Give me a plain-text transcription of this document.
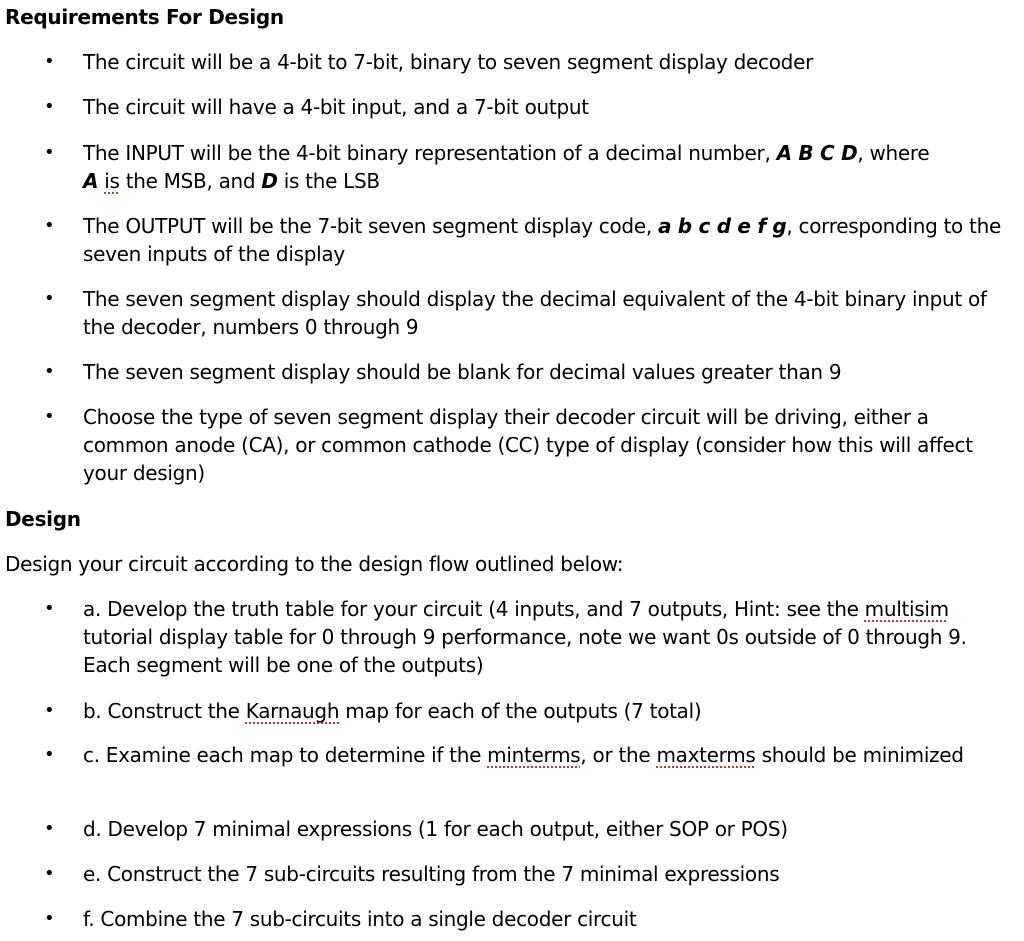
Requirements For Design
• The circuit will be a 4-bit to 7-bit, binary to seven segment display decoder
• The circuit will have a 4-bit input, and a 7-bit output
• The INPUT will be the 4-bit binary representation of a decimal number, A B C D, where
A is the MSB, and D is the LSB
• The OUTPUT will be the 7-bit seven segment display code, a b c d e f g, corresponding to the seven inputs of the display
• The seven segment display should display the decimal equivalent of the 4-bit binary input of the decoder, numbers 0 through 9
• The seven segment display should be blank for decimal values greater than 9
• Choose the type of seven segment display their decoder circuit will be driving, either a common anode (CA), or common cathode (CC) type of display (consider how this will affect your design)
Design
Design your circuit according to the design flow outlined below:
• a. Develop the truth table for your circuit (4 inputs, and 7 outputs, Hint: see the multisim tutorial display table for 0 through 9 performance, note we want 0s outside of 0 through 9. Each segment will be one of the outputs)
• b. Construct the Karnaugh map for each of the outputs (7 total)
• c. Examine each map to determine if the minterms, or the maxterms should be minimized
• d. Develop 7 minimal expressions (1 for each output, either SOP or POS)
• e. Construct the 7 sub-circuits resulting from the 7 minimal expressions
• f. Combine the 7 sub-circuits into a single decoder circuit
